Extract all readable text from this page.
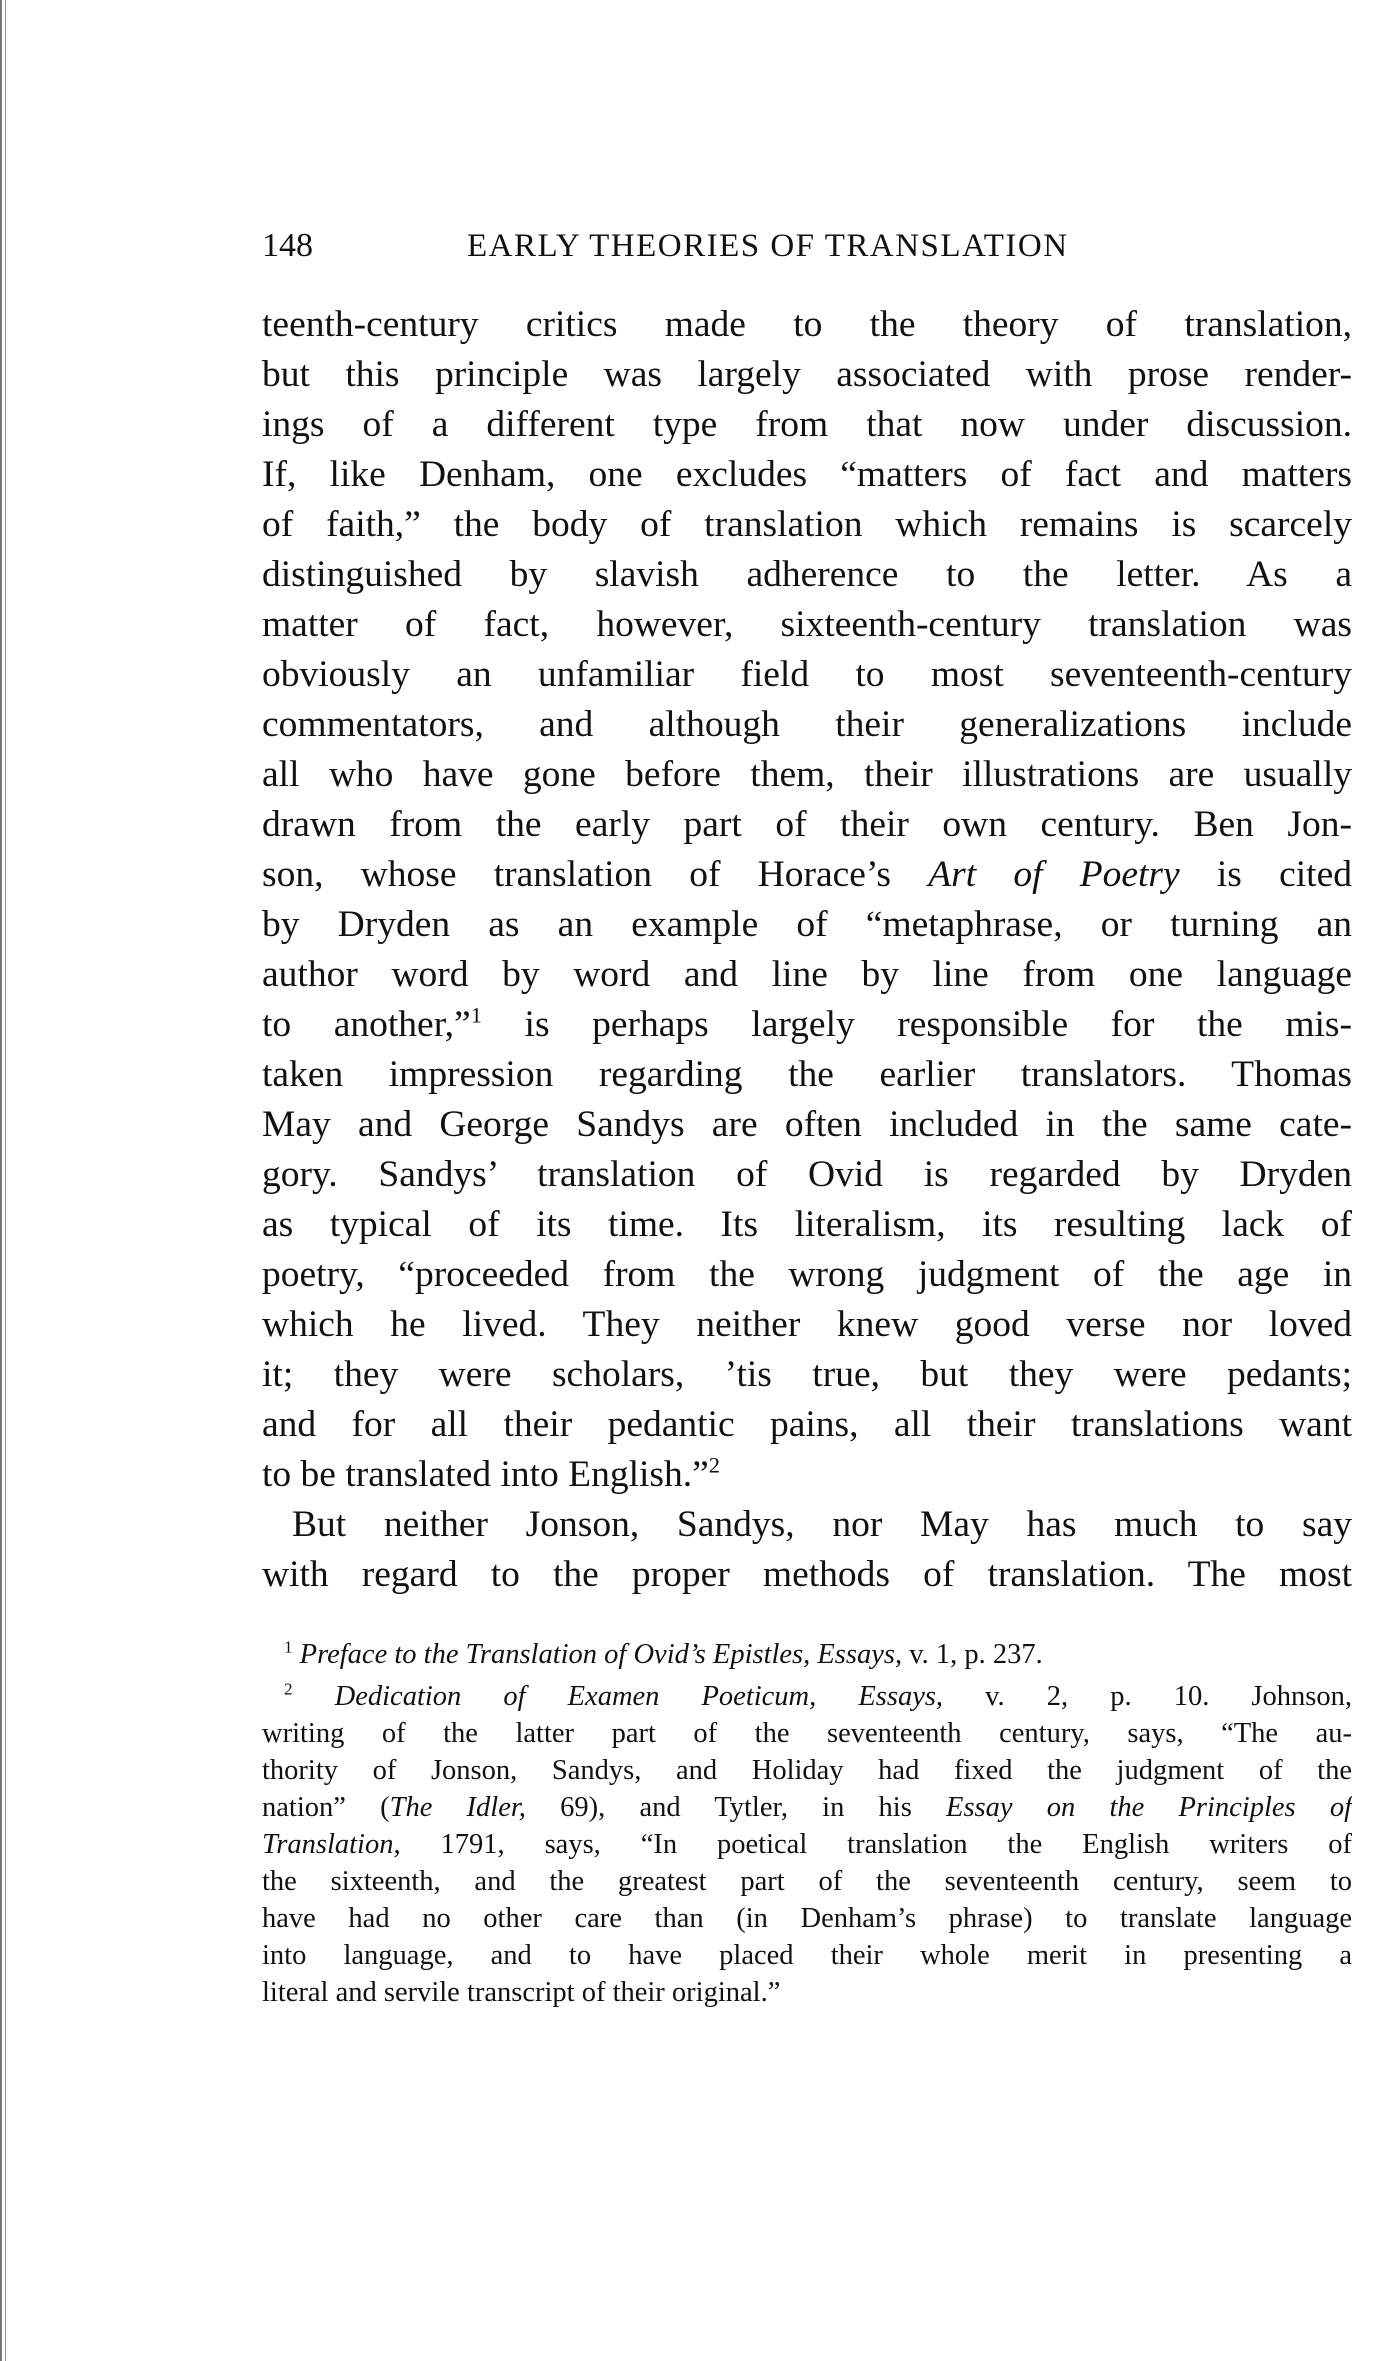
148	EARLY THEORIES OF TRANSLATION

teenth-century critics made to the theory of translation,
but this principle was largely associated with prose render-
ings of a different type from that now under discussion.
If, like Denham, one excludes “matters of fact and matters
of faith,” the body of translation which remains is scarcely
distinguished by slavish adherence to the letter. As a
matter of fact, however, sixteenth-century translation was
obviously an unfamiliar field to most seventeenth-century
commentators, and although their generalizations include
all who have gone before them, their illustrations are usually
drawn from the early part of their own century. Ben Jon-
son, whose translation of Horace’s Art of Poetry is cited
by Dryden as an example of “metaphrase, or turning an
author word by word and line by line from one language
to another,”$^1$ is perhaps largely responsible for the mis-
taken impression regarding the earlier translators. Thomas
May and George Sandys are often included in the same cate-
gory. Sandys’ translation of Ovid is regarded by Dryden
as typical of its time. Its literalism, its resulting lack of
poetry, “proceeded from the wrong judgment of the age in
which he lived. They neither knew good verse nor loved
it; they were scholars, ’tis true, but they were pedants;
and for all their pedantic pains, all their translations want
to be translated into English.”$^2$

But neither Jonson, Sandys, nor May has much to say
with regard to the proper methods of translation. The most

$^1$ Preface to the Translation of Ovid’s Epistles, Essays, v. 1, p. 237.
$^2$ Dedication of Examen Poeticum, Essays, v. 2, p. 10. Johnson,
writing of the latter part of the seventeenth century, says, “The au-
thority of Jonson, Sandys, and Holiday had fixed the judgment of the
nation” (The Idler, 69), and Tytler, in his Essay on the Principles of
Translation, 1791, says, “In poetical translation the English writers of
the sixteenth, and the greatest part of the seventeenth century, seem to
have had no other care than (in Denham’s phrase) to translate language
into language, and to have placed their whole merit in presenting a
literal and servile transcript of their original.”
